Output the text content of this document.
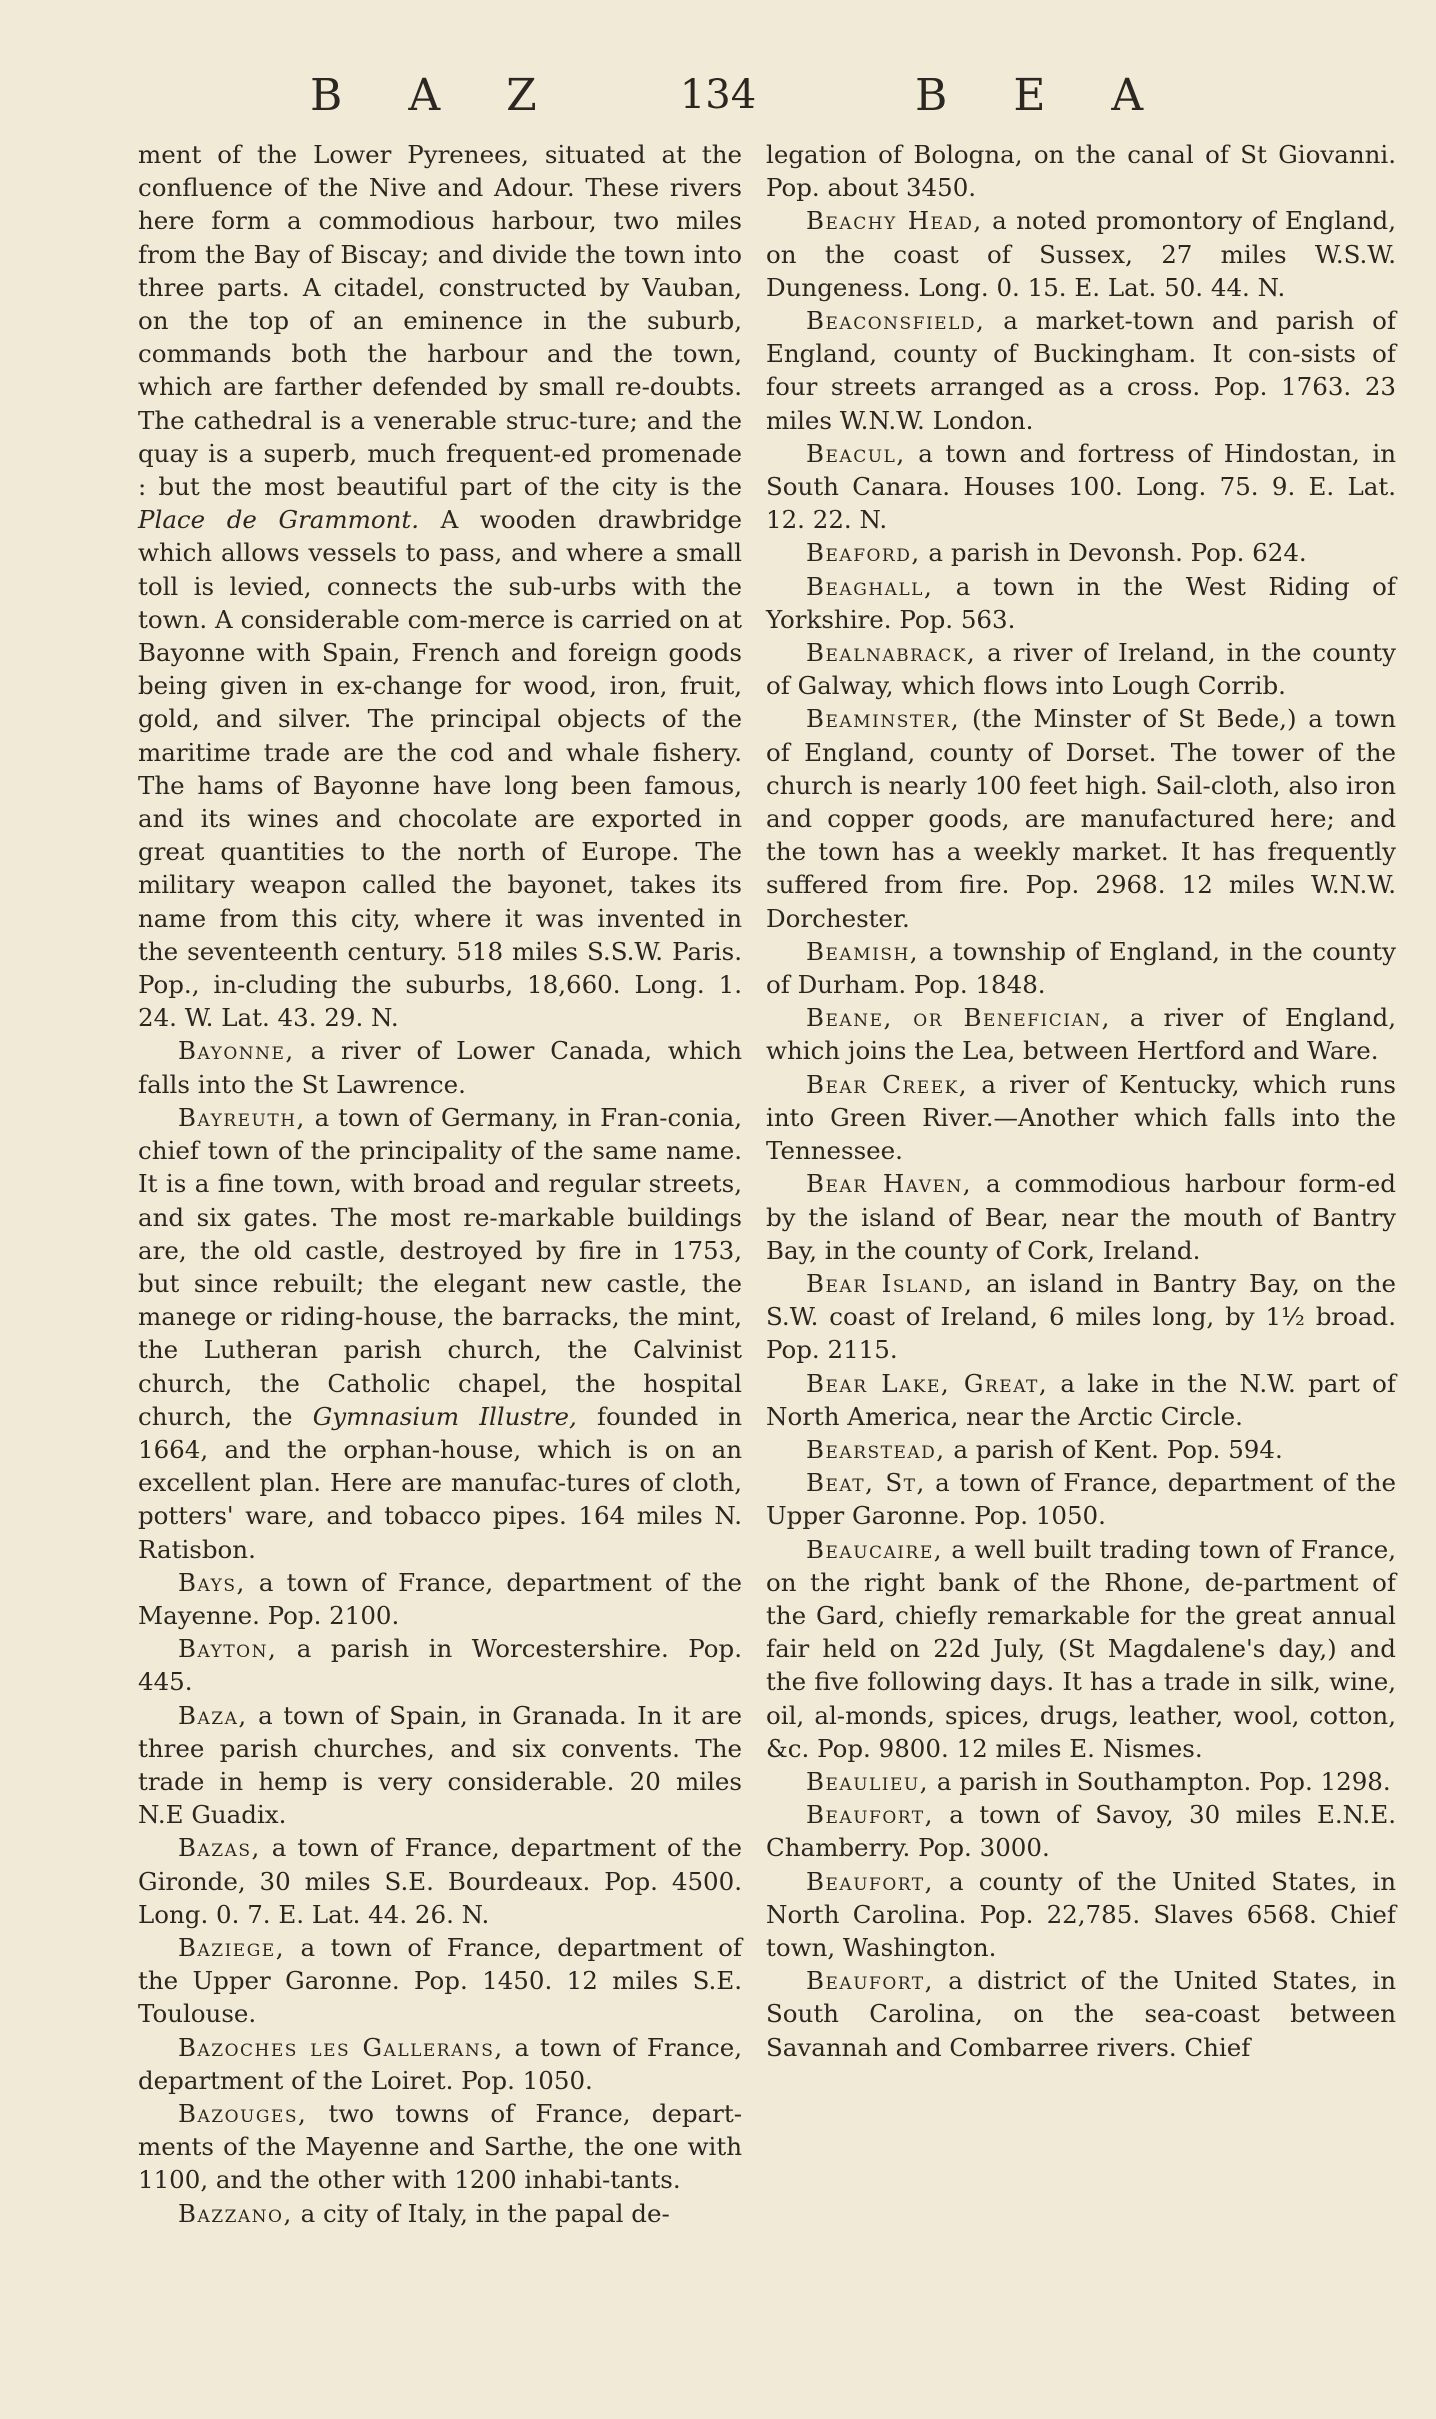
B A Z	134	B E A

ment of the Lower Pyrenees, situated at the confluence of the Nive and Adour. These rivers here form a commodious harbour, two miles from the Bay of Biscay; and divide the town into three parts. A citadel, constructed by Vauban, on the top of an eminence in the suburb, commands both the harbour and the town, which are farther defended by small re-doubts. The cathedral is a venerable struc-ture; and the quay is a superb, much frequent-ed promenade : but the most beautiful part of the city is the Place de Grammont. A wooden drawbridge which allows vessels to pass, and where a small toll is levied, connects the sub-urbs with the town. A considerable com-merce is carried on at Bayonne with Spain, French and foreign goods being given in ex-change for wood, iron, fruit, gold, and silver. The principal objects of the maritime trade are the cod and whale fishery. The hams of Bayonne have long been famous, and its wines and chocolate are exported in great quantities to the north of Europe. The military weapon called the bayonet, takes its name from this city, where it was invented in the seventeenth century. 518 miles S.S.W. Paris. Pop., in-cluding the suburbs, 18,660. Long. 1. 24. W. Lat. 43. 29. N.

Bayonne, a river of Lower Canada, which falls into the St Lawrence.

Bayreuth, a town of Germany, in Fran-conia, chief town of the principality of the same name. It is a fine town, with broad and regular streets, and six gates. The most re-markable buildings are, the old castle, destroyed by fire in 1753, but since rebuilt; the elegant new castle, the manege or riding-house, the barracks, the mint, the Lutheran parish church, the Calvinist church, the Catholic chapel, the hospital church, the Gymnasium Illustre, founded in 1664, and the orphan-house, which is on an excellent plan. Here are manufac-tures of cloth, potters' ware, and tobacco pipes. 164 miles N. Ratisbon.

Bays, a town of France, department of the Mayenne. Pop. 2100.

Bayton, a parish in Worcestershire. Pop. 445.

Baza, a town of Spain, in Granada. In it are three parish churches, and six convents. The trade in hemp is very considerable. 20 miles N.E Guadix.

Bazas, a town of France, department of the Gironde, 30 miles S.E. Bourdeaux. Pop. 4500. Long. 0. 7. E. Lat. 44. 26. N.

Baziege, a town of France, department of the Upper Garonne. Pop. 1450. 12 miles S.E. Toulouse.

Bazoches les Gallerans, a town of France, department of the Loiret. Pop. 1050.

Bazouges, two towns of France, depart-ments of the Mayenne and Sarthe, the one with 1100, and the other with 1200 inhabi-tants.

Bazzano, a city of Italy, in the papal de-

legation of Bologna, on the canal of St Giovanni. Pop. about 3450.

Beachy Head, a noted promontory of England, on the coast of Sussex, 27 miles W.S.W. Dungeness. Long. 0. 15. E. Lat. 50. 44. N.

Beaconsfield, a market-town and parish of England, county of Buckingham. It con-sists of four streets arranged as a cross. Pop. 1763. 23 miles W.N.W. London.

Beacul, a town and fortress of Hindostan, in South Canara. Houses 100. Long. 75. 9. E. Lat. 12. 22. N.

Beaford, a parish in Devonsh. Pop. 624.

Beaghall, a town in the West Riding of Yorkshire. Pop. 563.

Bealnabrack, a river of Ireland, in the county of Galway, which flows into Lough Corrib.

Beaminster, (the Minster of St Bede,) a town of England, county of Dorset. The tower of the church is nearly 100 feet high. Sail-cloth, also iron and copper goods, are manufactured here; and the town has a weekly market. It has frequently suffered from fire. Pop. 2968. 12 miles W.N.W. Dorchester.

Beamish, a township of England, in the county of Durham. Pop. 1848.

Beane, or Benefician, a river of England, which joins the Lea, between Hertford and Ware.

Bear Creek, a river of Kentucky, which runs into Green River.—Another which falls into the Tennessee.

Bear Haven, a commodious harbour form-ed by the island of Bear, near the mouth of Bantry Bay, in the county of Cork, Ireland.

Bear Island, an island in Bantry Bay, on the S.W. coast of Ireland, 6 miles long, by 1½ broad. Pop. 2115.

Bear Lake, Great, a lake in the N.W. part of North America, near the Arctic Circle.

Bearstead, a parish of Kent. Pop. 594.

Beat, St, a town of France, department of the Upper Garonne. Pop. 1050.

Beaucaire, a well built trading town of France, on the right bank of the Rhone, de-partment of the Gard, chiefly remarkable for the great annual fair held on 22d July, (St Magdalene's day,) and the five following days. It has a trade in silk, wine, oil, al-monds, spices, drugs, leather, wool, cotton, &c. Pop. 9800. 12 miles E. Nismes.

Beaulieu, a parish in Southampton. Pop. 1298.

Beaufort, a town of Savoy, 30 miles E.N.E. Chamberry. Pop. 3000.

Beaufort, a county of the United States, in North Carolina. Pop. 22,785. Slaves 6568. Chief town, Washington.

Beaufort, a district of the United States, in South Carolina, on the sea-coast between Savannah and Combarree rivers. Chief
